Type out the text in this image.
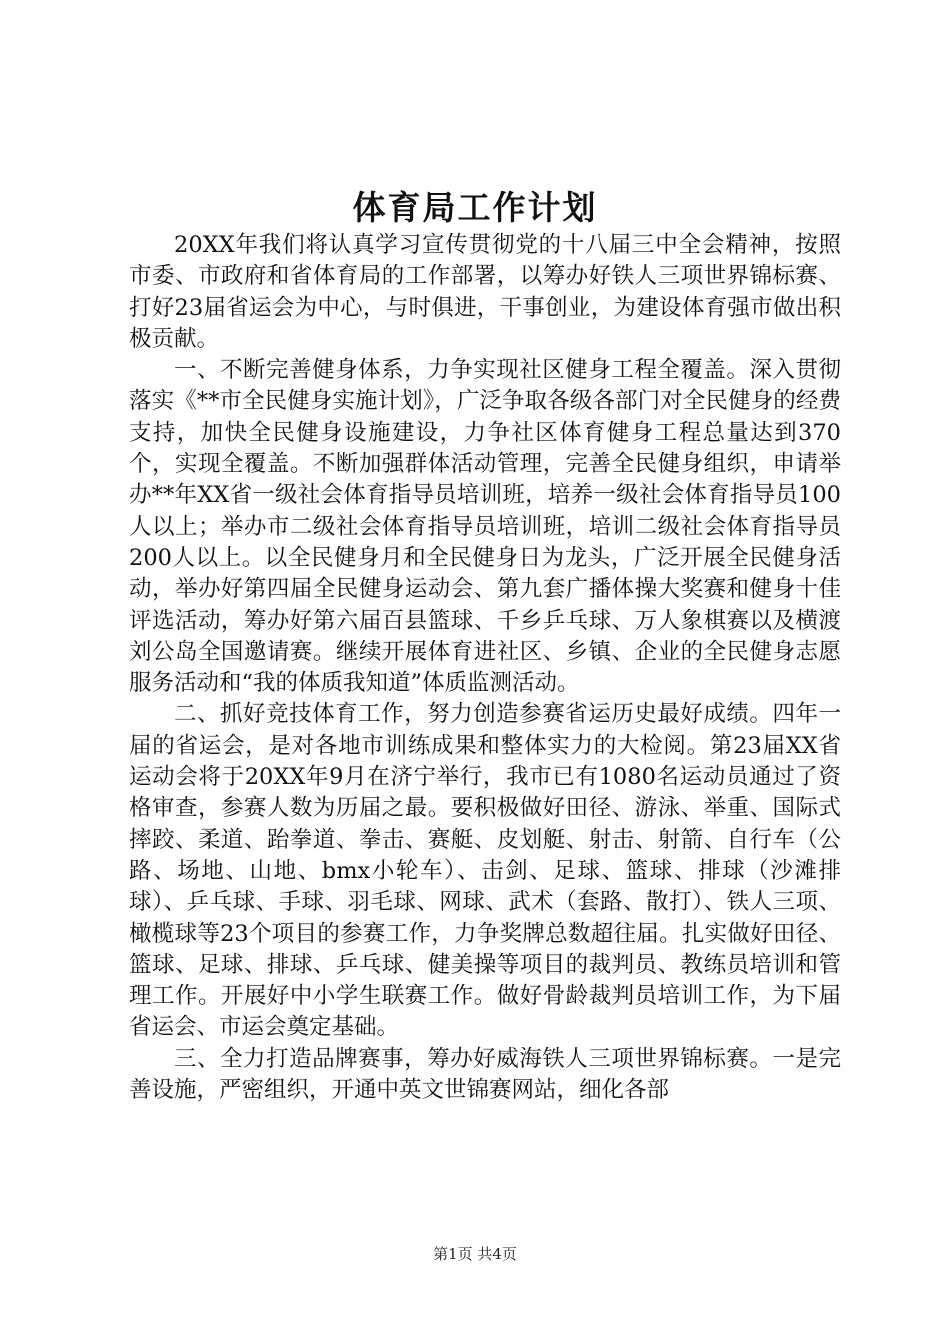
体育局工作计划

20XX年我们将认真学习宣传贯彻党的十八届三中全会精神，按照市委、市政府和省体育局的工作部署，以筹办好铁人三项世界锦标赛、打好23届省运会为中心，与时俱进，干事创业，为建设体育强市做出积极贡献。

一、不断完善健身体系，力争实现社区健身工程全覆盖。深入贯彻落实《**市全民健身实施计划》，广泛争取各级各部门对全民健身的经费支持，加快全民健身设施建设，力争社区体育健身工程总量达到370个，实现全覆盖。不断加强群体活动管理，完善全民健身组织，申请举办**年XX省一级社会体育指导员培训班，培养一级社会体育指导员100人以上；举办市二级社会体育指导员培训班，培训二级社会体育指导员200人以上。以全民健身月和全民健身日为龙头，广泛开展全民健身活动，举办好第四届全民健身运动会、第九套广播体操大奖赛和健身十佳评选活动，筹办好第六届百县篮球、千乡乒乓球、万人象棋赛以及横渡刘公岛全国邀请赛。继续开展体育进社区、乡镇、企业的全民健身志愿服务活动和“我的体质我知道”体质监测活动。

二、抓好竞技体育工作，努力创造参赛省运历史最好成绩。四年一届的省运会，是对各地市训练成果和整体实力的大检阅。第23届XX省运动会将于20XX年9月在济宁举行，我市已有1080名运动员通过了资格审查，参赛人数为历届之最。要积极做好田径、游泳、举重、国际式摔跤、柔道、跆拳道、拳击、赛艇、皮划艇、射击、射箭、自行车（公路、场地、山地、bmx小轮车）、击剑、足球、篮球、排球（沙滩排球）、乒乓球、手球、羽毛球、网球、武术（套路、散打）、铁人三项、橄榄球等23个项目的参赛工作，力争奖牌总数超往届。扎实做好田径、篮球、足球、排球、乒乓球、健美操等项目的裁判员、教练员培训和管理工作。开展好中小学生联赛工作。做好骨龄裁判员培训工作，为下届省运会、市运会奠定基础。

三、全力打造品牌赛事，筹办好威海铁人三项世界锦标赛。一是完善设施，严密组织，开通中英文世锦赛网站，细化各部

第1页 共4页
